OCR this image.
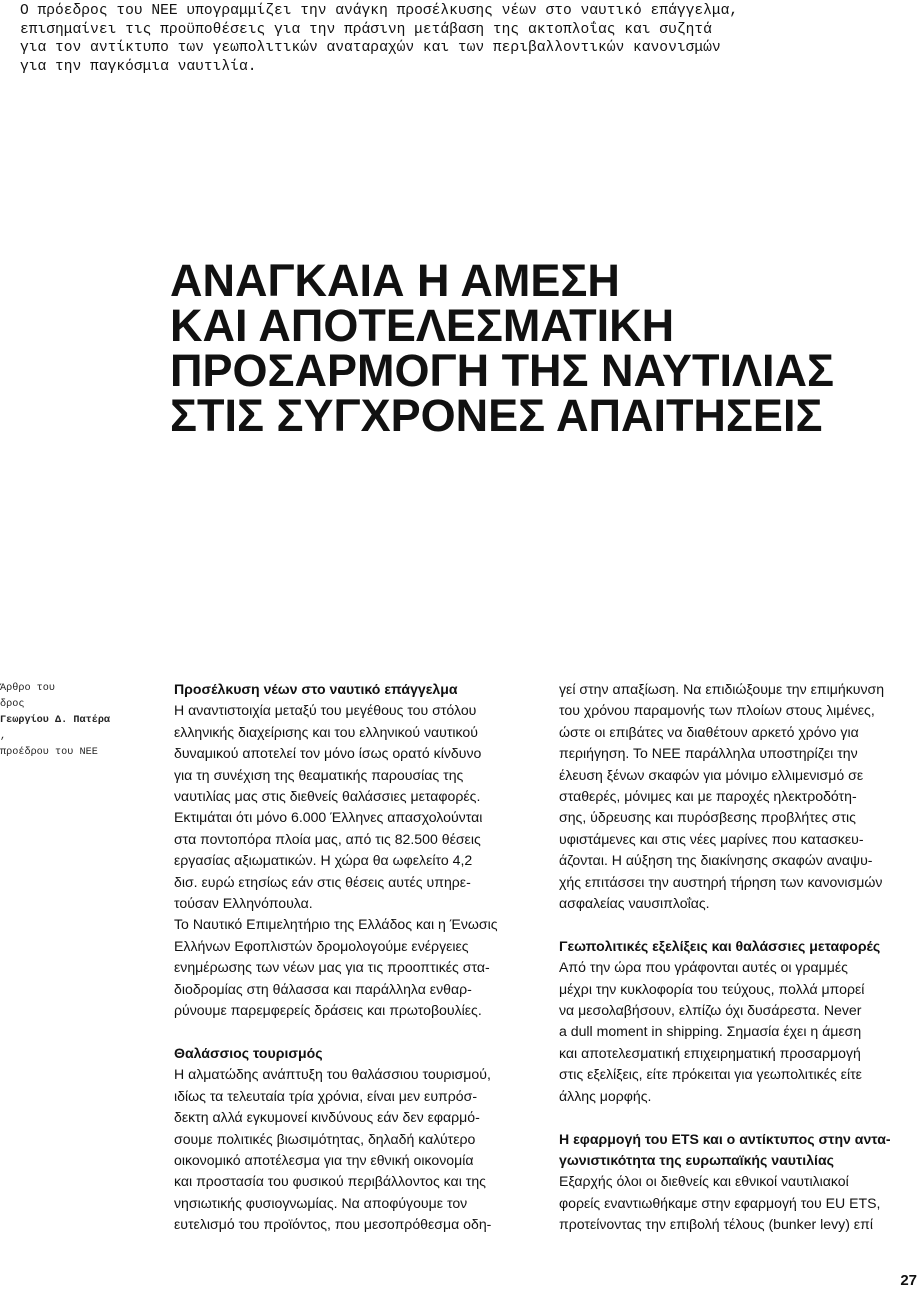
Ο πρόεδρος του ΝΕΕ υπογραμμίζει την ανάγκη προσέλκυσης νέων στο ναυτικό επάγγελμα,
επισημαίνει τις προϋποθέσεις για την πράσινη μετάβαση της ακτοπλοΐας και συζητά
για τον αντίκτυπο των γεωπολιτικών αναταραχών και των περιβαλλοντικών κανονισμών
για την παγκόσμια ναυτιλία.
ΑΝΑΓΚΑΙΑ Η ΑΜΕΣΗ
ΚΑΙ ΑΠΟΤΕΛΕΣΜΑΤΙΚΗ
ΠΡΟΣΑΡΜΟΓΗ ΤΗΣ ΝΑΥΤΙΛΙΑΣ
ΣΤΙΣ ΣΥΓΧΡΟΝΕΣ ΑΠΑΙΤΗΣΕΙΣ
Άρθρο του
δρος
Γεωργίου Δ. Πατέρα
,
προέδρου του ΝΕΕ
Προσέλκυση νέων στο ναυτικό επάγγελμα
Η αναντιστοιχία μεταξύ του μεγέθους του στόλου
ελληνικής διαχείρισης και του ελληνικού ναυτικού
δυναμικού αποτελεί τον μόνο ίσως ορατό κίνδυνο
για τη συνέχιση της θεαματικής παρουσίας της
ναυτιλίας μας στις διεθνείς θαλάσσιες μεταφορές.
Εκτιμάται ότι μόνο 6.000 Έλληνες απασχολούνται
στα ποντοπόρα πλοία μας, από τις 82.500 θέσεις
εργασίας αξιωματικών. Η χώρα θα ωφελείτο 4,2
δισ. ευρώ ετησίως εάν στις θέσεις αυτές υπηρε-
τούσαν Ελληνόπουλα.
Το Ναυτικό Επιμελητήριο της Ελλάδος και η Ένωσις
Ελλήνων Εφοπλιστών δρομολογούμε ενέργειες
ενημέρωσης των νέων μας για τις προοπτικές στα-
διοδρομίας στη θάλασσα και παράλληλα ενθαρ-
ρύνουμε παρεμφερείς δράσεις και πρωτοβουλίες.
Θαλάσσιος τουρισμός
Η αλματώδης ανάπτυξη του θαλάσσιου τουρισμού,
ιδίως τα τελευταία τρία χρόνια, είναι μεν ευπρόσ-
δεκτη αλλά εγκυμονεί κινδύνους εάν δεν εφαρμό-
σουμε πολιτικές βιωσιμότητας, δηλαδή καλύτερο
οικονομικό αποτέλεσμα για την εθνική οικονομία
και προστασία του φυσικού περιβάλλοντος και της
νησιωτικής φυσιογνωμίας. Να αποφύγουμε τον
ευτελισμό του προϊόντος, που μεσοπρόθεσμα οδη-
γεί στην απαξίωση. Να επιδιώξουμε την επιμήκυνση
του χρόνου παραμονής των πλοίων στους λιμένες,
ώστε οι επιβάτες να διαθέτουν αρκετό χρόνο για
περιήγηση. Το ΝΕΕ παράλληλα υποστηρίζει την
έλευση ξένων σκαφών για μόνιμο ελλιμενισμό σε
σταθερές, μόνιμες και με παροχές ηλεκτροδότη-
σης, ύδρευσης και πυρόσβεσης προβλήτες στις
υφιστάμενες και στις νέες μαρίνες που κατασκευ-
άζονται. Η αύξηση της διακίνησης σκαφών αναψυ-
χής επιτάσσει την αυστηρή τήρηση των κανονισμών
ασφαλείας ναυσιπλοΐας.
Γεωπολιτικές εξελίξεις και θαλάσσιες μεταφορές
Από την ώρα που γράφονται αυτές οι γραμμές
μέχρι την κυκλοφορία του τεύχους, πολλά μπορεί
να μεσολαβήσουν, ελπίζω όχι δυσάρεστα. Never
a dull moment in shipping. Σημασία έχει η άμεση
και αποτελεσματική επιχειρηματική προσαρμογή
στις εξελίξεις, είτε πρόκειται για γεωπολιτικές είτε
άλλης μορφής.
Η εφαρμογή του ETS και ο αντίκτυπος στην αντα-
γωνιστικότητα της ευρωπαϊκής ναυτιλίας
Εξαρχής όλοι οι διεθνείς και εθνικοί ναυτιλιακοί
φορείς εναντιωθήκαμε στην εφαρμογή του EU ETS,
προτείνοντας την επιβολή τέλους (bunker levy) επί
27
